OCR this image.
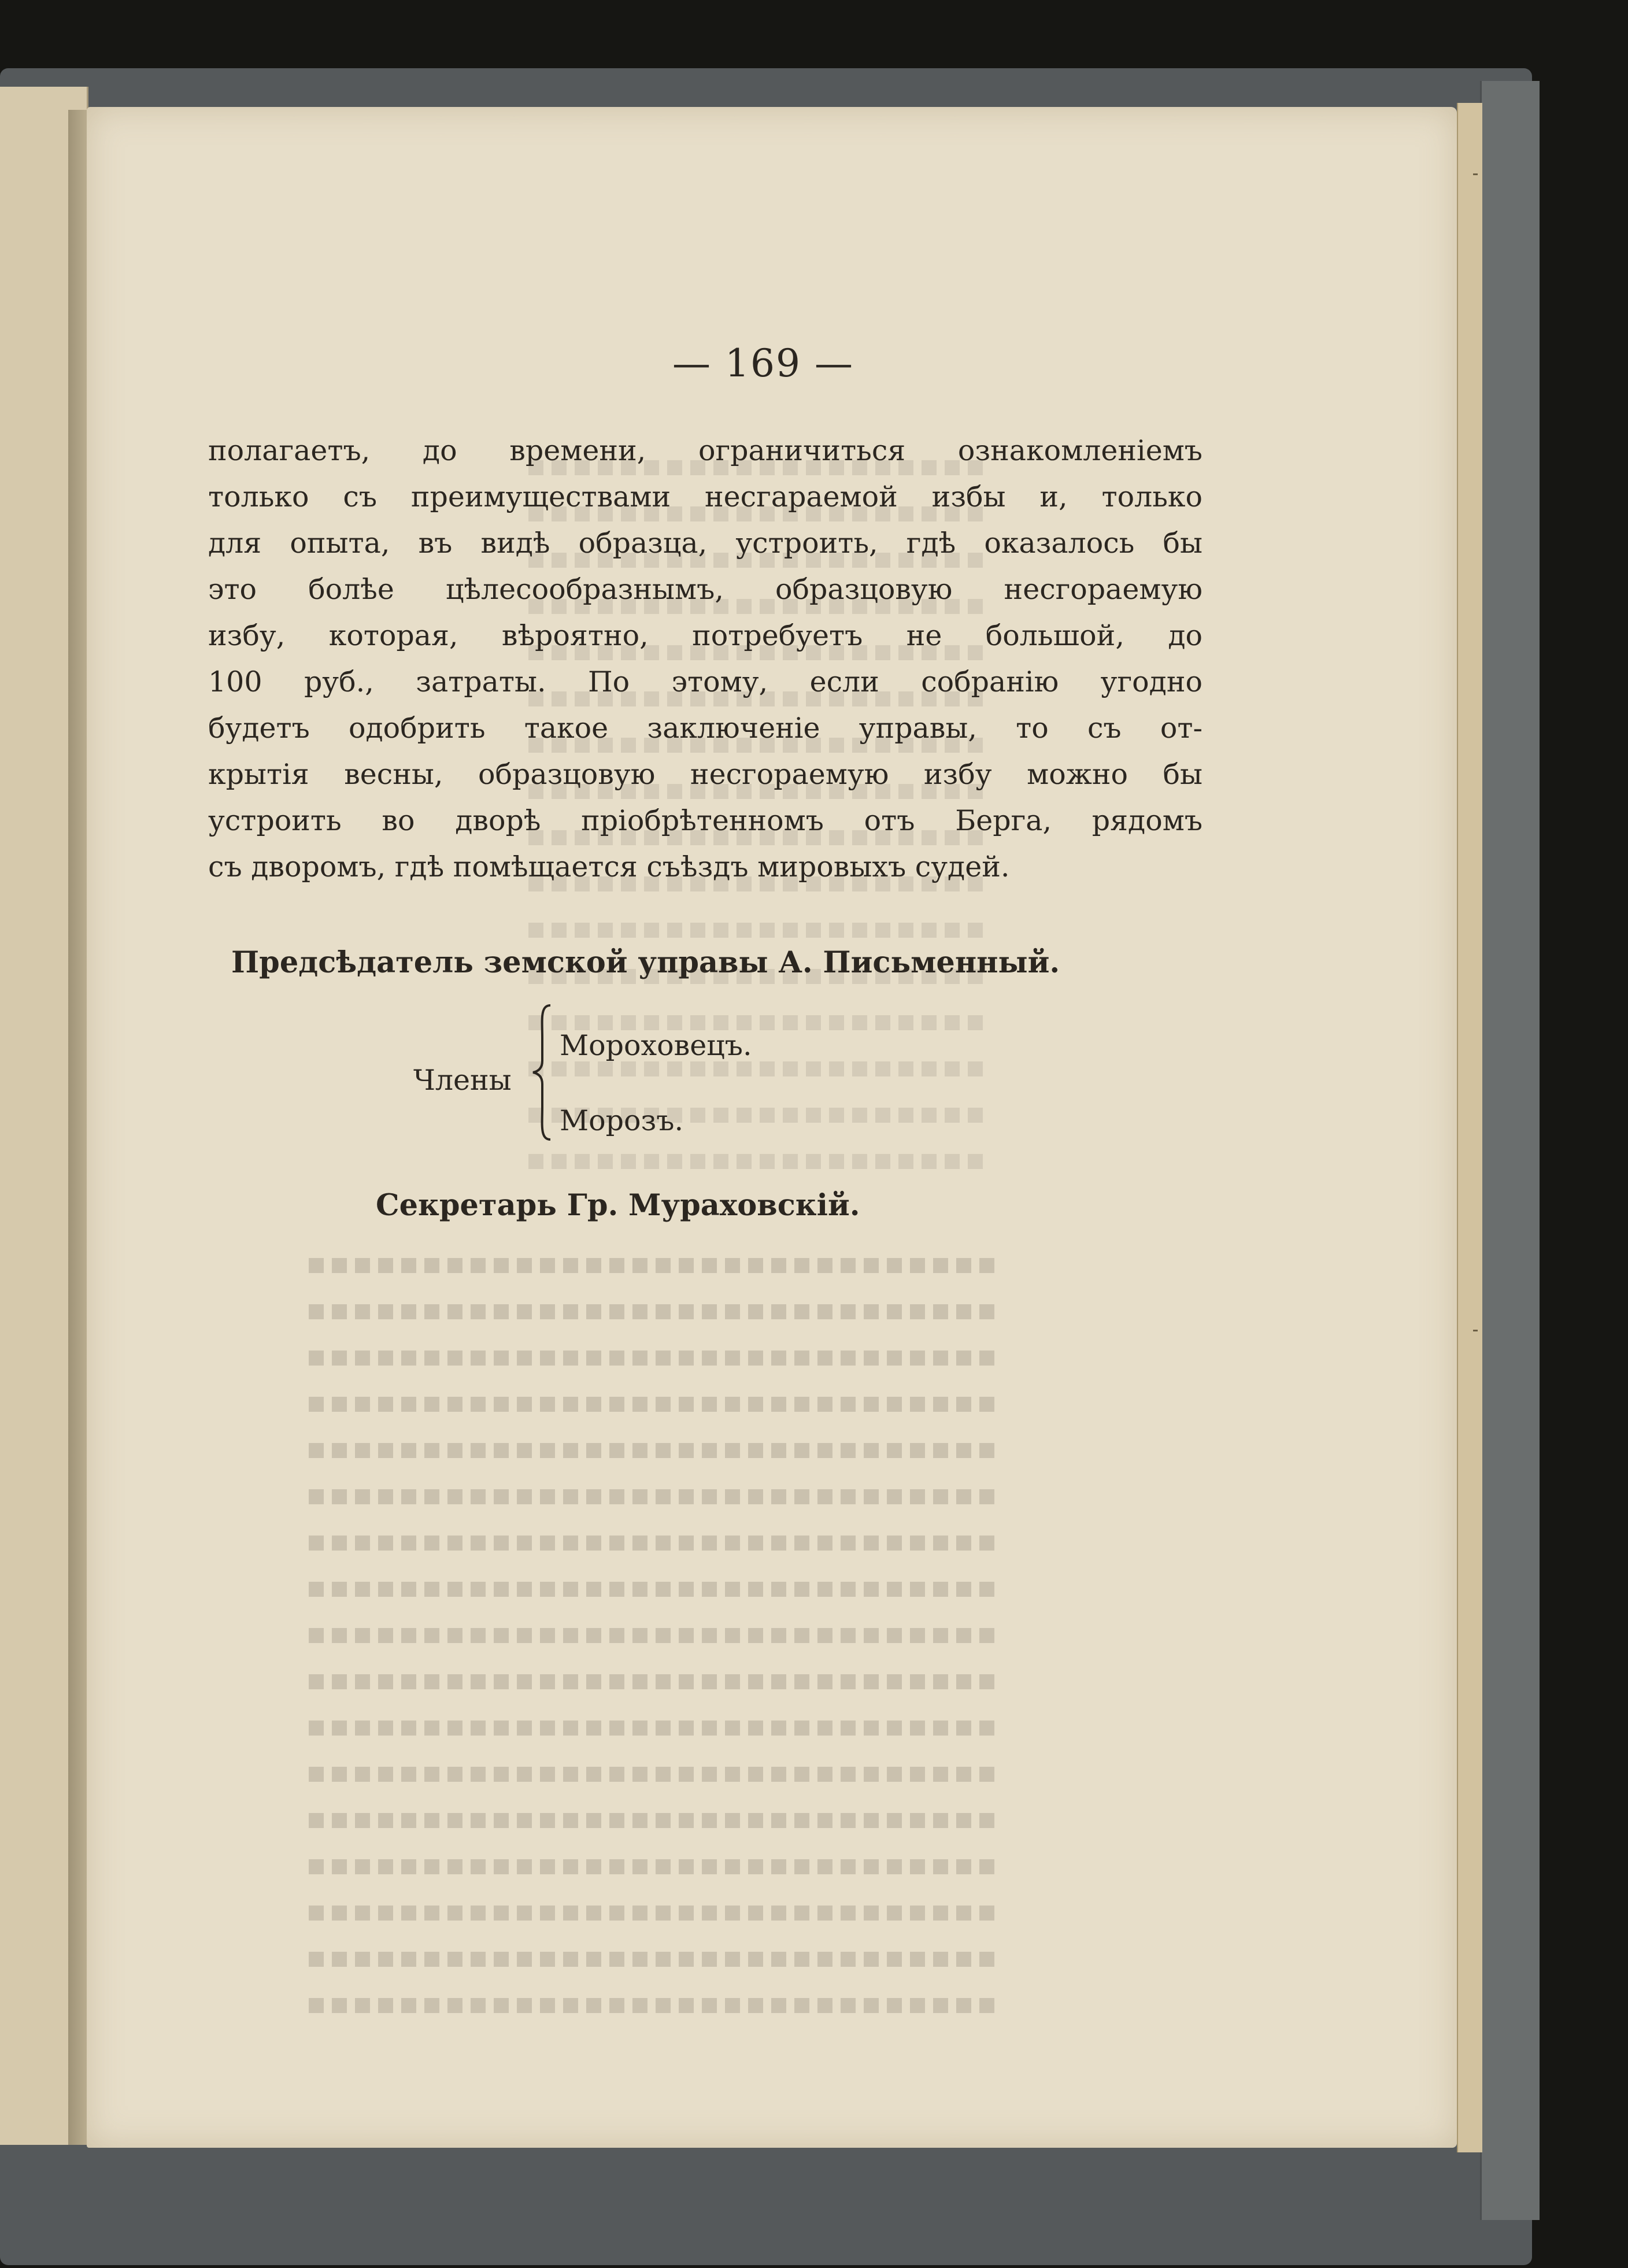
— 169 —
полагаетъ, до времени, ограничиться ознакомленіемъ
только съ преимуществами несгараемой избы и, только
для опыта, въ видѣ образца, устроить, гдѣ оказалось бы
это болѣе цѣлесообразнымъ, образцовую несгораемую
избу, которая, вѣроятно, потребуетъ не большой, до
100 руб., затраты. По этому, если собранію угодно
будетъ одобрить такое заключеніе управы, то съ от-
крытія весны, образцовую несгораемую избу можно бы
устроить во дворѣ пріобрѣтенномъ отъ Берга, рядомъ
съ дворомъ, гдѣ помѣщается съѣздъ мировыхъ судей.
Предсѣдатель земской управы А. Письменный.
Члены
Мороховецъ.
Морозъ.
Секретарь Гр. Мураховскій.
